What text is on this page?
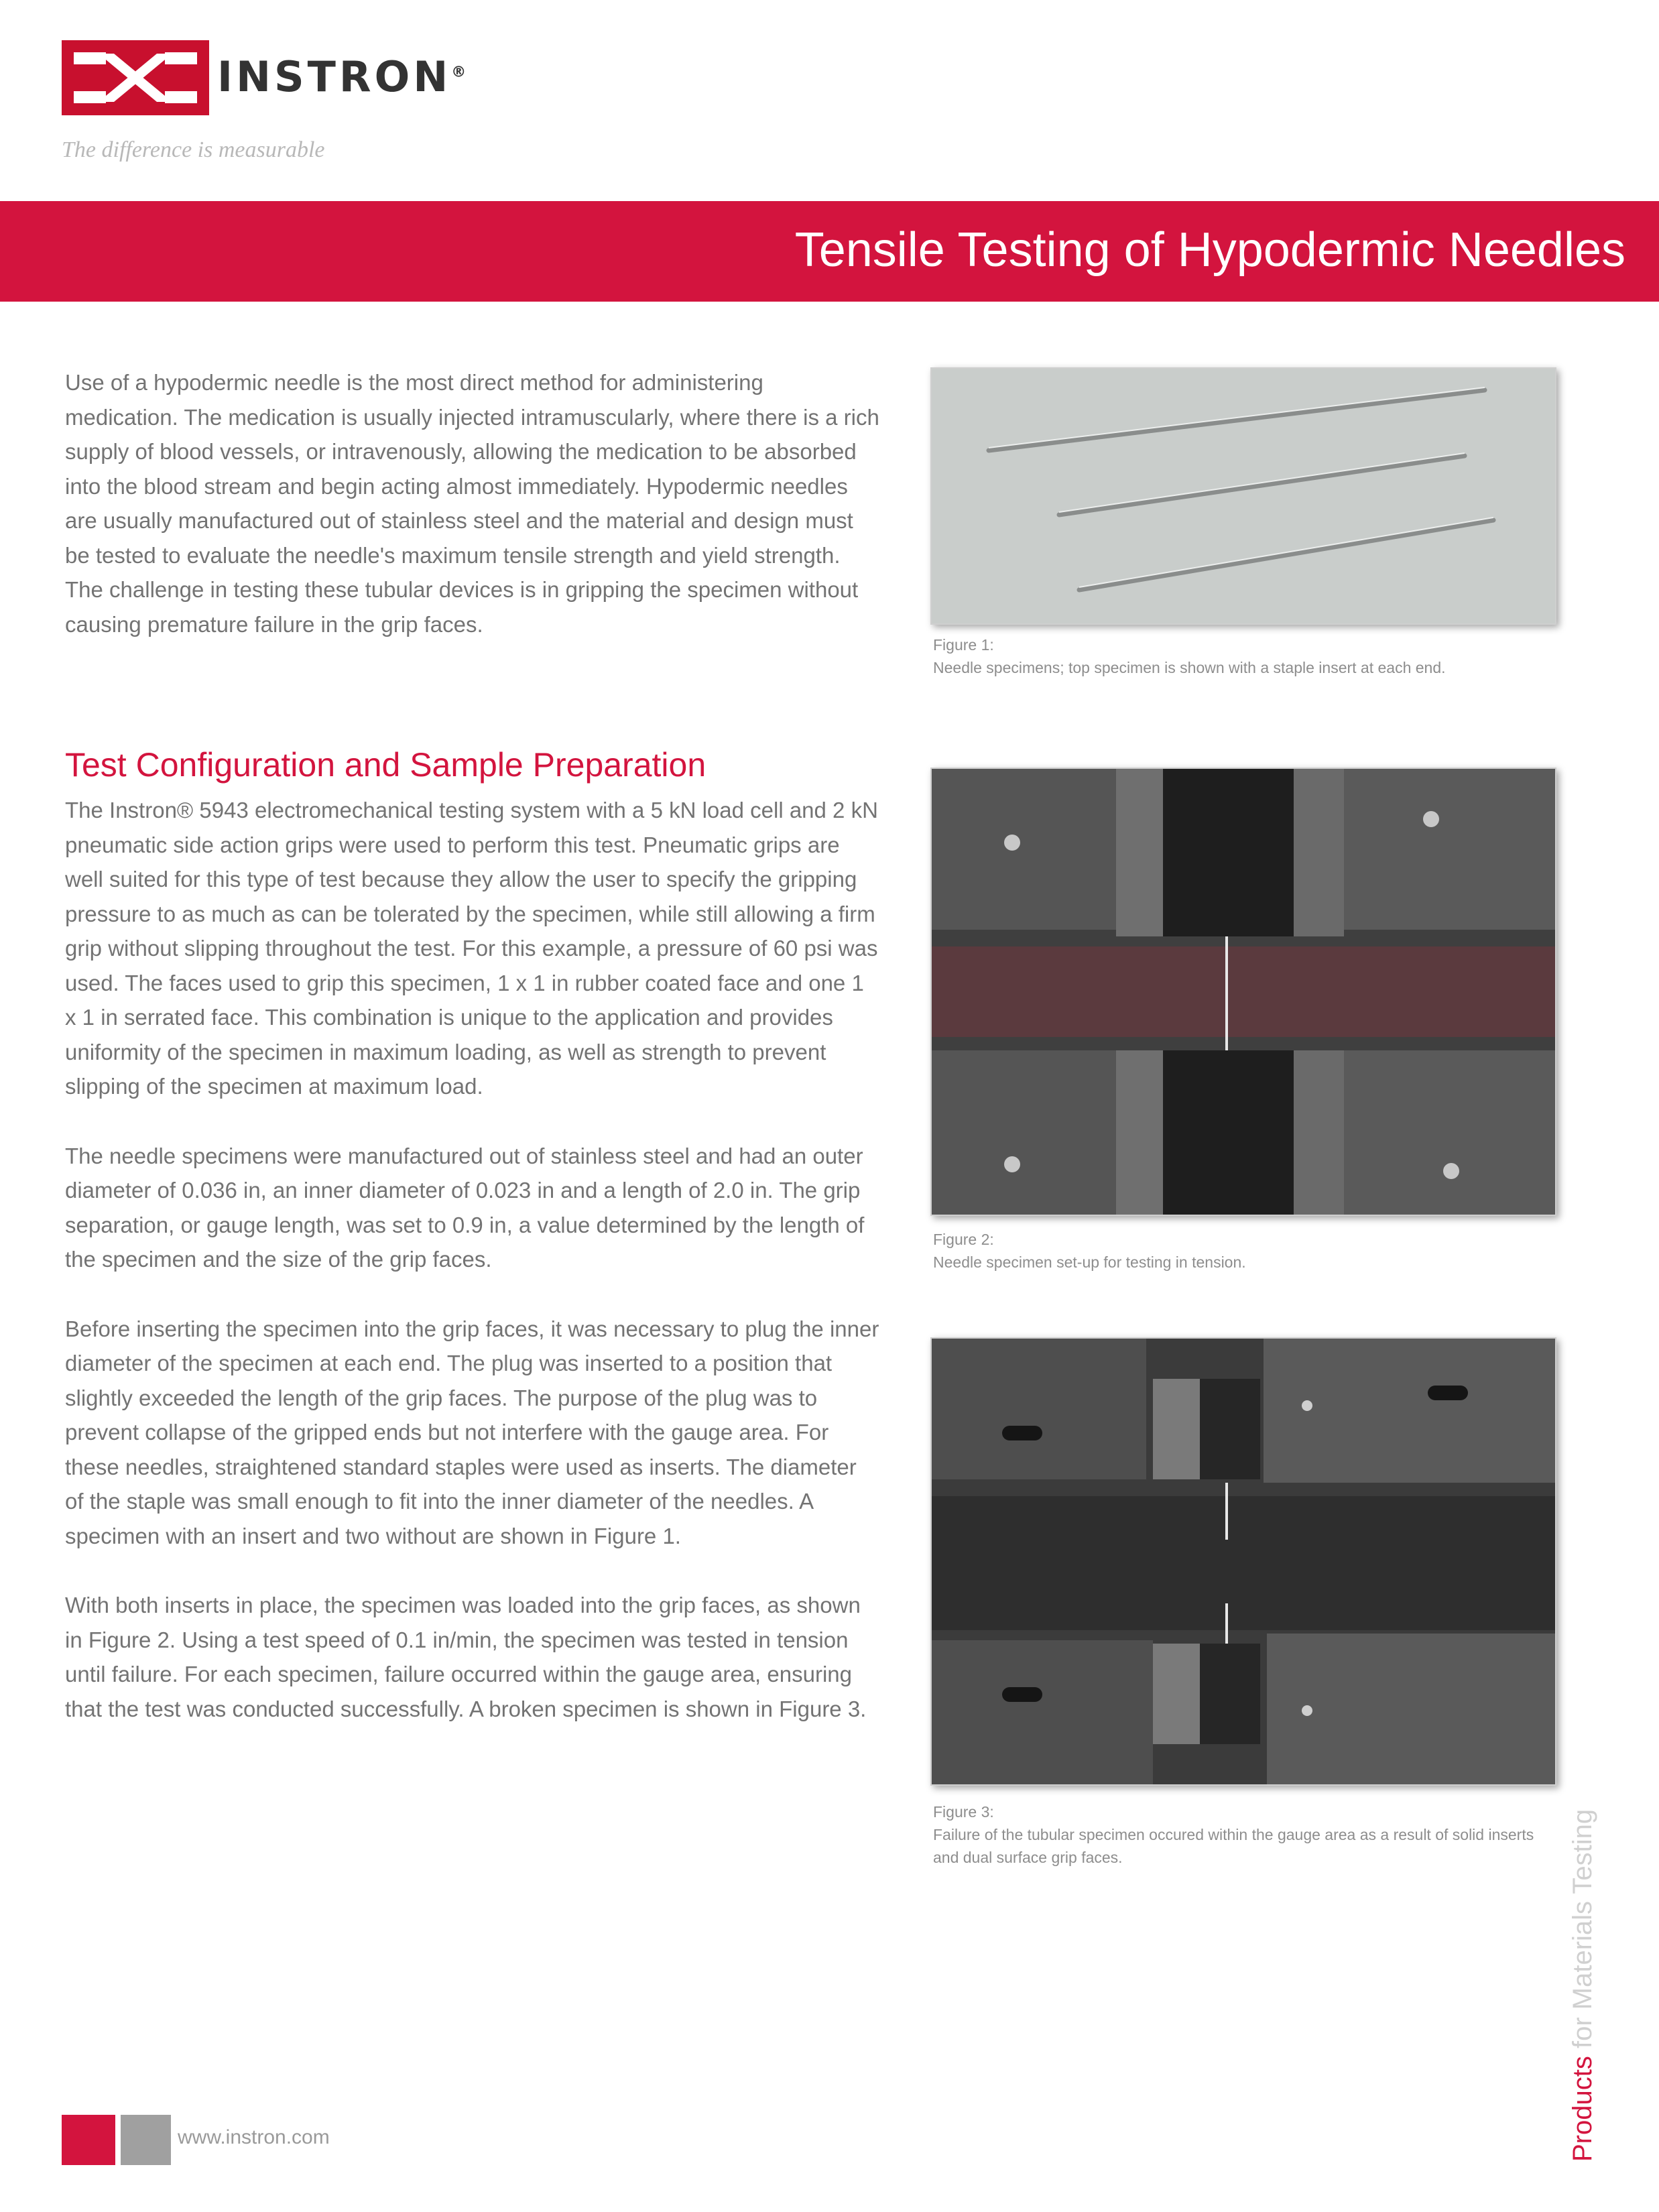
INSTRON®
The difference is measurable
Tensile Testing of Hypodermic Needles

Use of a hypodermic needle is the most direct method for administering medication. The medication is usually injected intramuscularly, where there is a rich supply of blood vessels, or intravenously, allowing the medication to be absorbed into the blood stream and begin acting almost immediately. Hypodermic needles are usually manufactured out of stainless steel and the material and design must be tested to evaluate the needle's maximum tensile strength and yield strength. The challenge in testing these tubular devices is in gripping the specimen without causing premature failure in the grip faces.

Test Configuration and Sample Preparation

The Instron® 5943 electromechanical testing system with a 5 kN load cell and 2 kN pneumatic side action grips were used to perform this test. Pneumatic grips are well suited for this type of test because they allow the user to specify the gripping pressure to as much as can be tolerated by the specimen, while still allowing a firm grip without slipping throughout the test. For this example, a pressure of 60 psi was used. The faces used to grip this specimen, 1 x 1 in rubber coated face and one 1 x 1 in serrated face. This combination is unique to the application and provides uniformity of the specimen in maximum loading, as well as strength to prevent slipping of the specimen at maximum load.

The needle specimens were manufactured out of stainless steel and had an outer diameter of 0.036 in, an inner diameter of 0.023 in and a length of 2.0 in. The grip separation, or gauge length, was set to 0.9 in, a value determined by the length of the specimen and the size of the grip faces.

Before inserting the specimen into the grip faces, it was necessary to plug the inner diameter of the specimen at each end. The plug was inserted to a position that slightly exceeded the length of the grip faces. The purpose of the plug was to prevent collapse of the gripped ends but not interfere with the gauge area. For these needles, straightened standard staples were used as inserts. The diameter of the staple was small enough to fit into the inner diameter of the needles. A specimen with an insert and two without are shown in Figure 1.

With both inserts in place, the specimen was loaded into the grip faces, as shown in Figure 2. Using a test speed of 0.1 in/min, the specimen was tested in tension until failure. For each specimen, failure occurred within the gauge area, ensuring that the test was conducted successfully. A broken specimen is shown in Figure 3.

Figure 1:
Needle specimens; top specimen is shown with a staple insert at each end.
Figure 2:
Needle specimen set-up for testing in tension.
Figure 3:
Failure of the tubular specimen occured within the gauge area as a result of solid inserts and dual surface grip faces.
Products for Materials Testing
www.instron.com
